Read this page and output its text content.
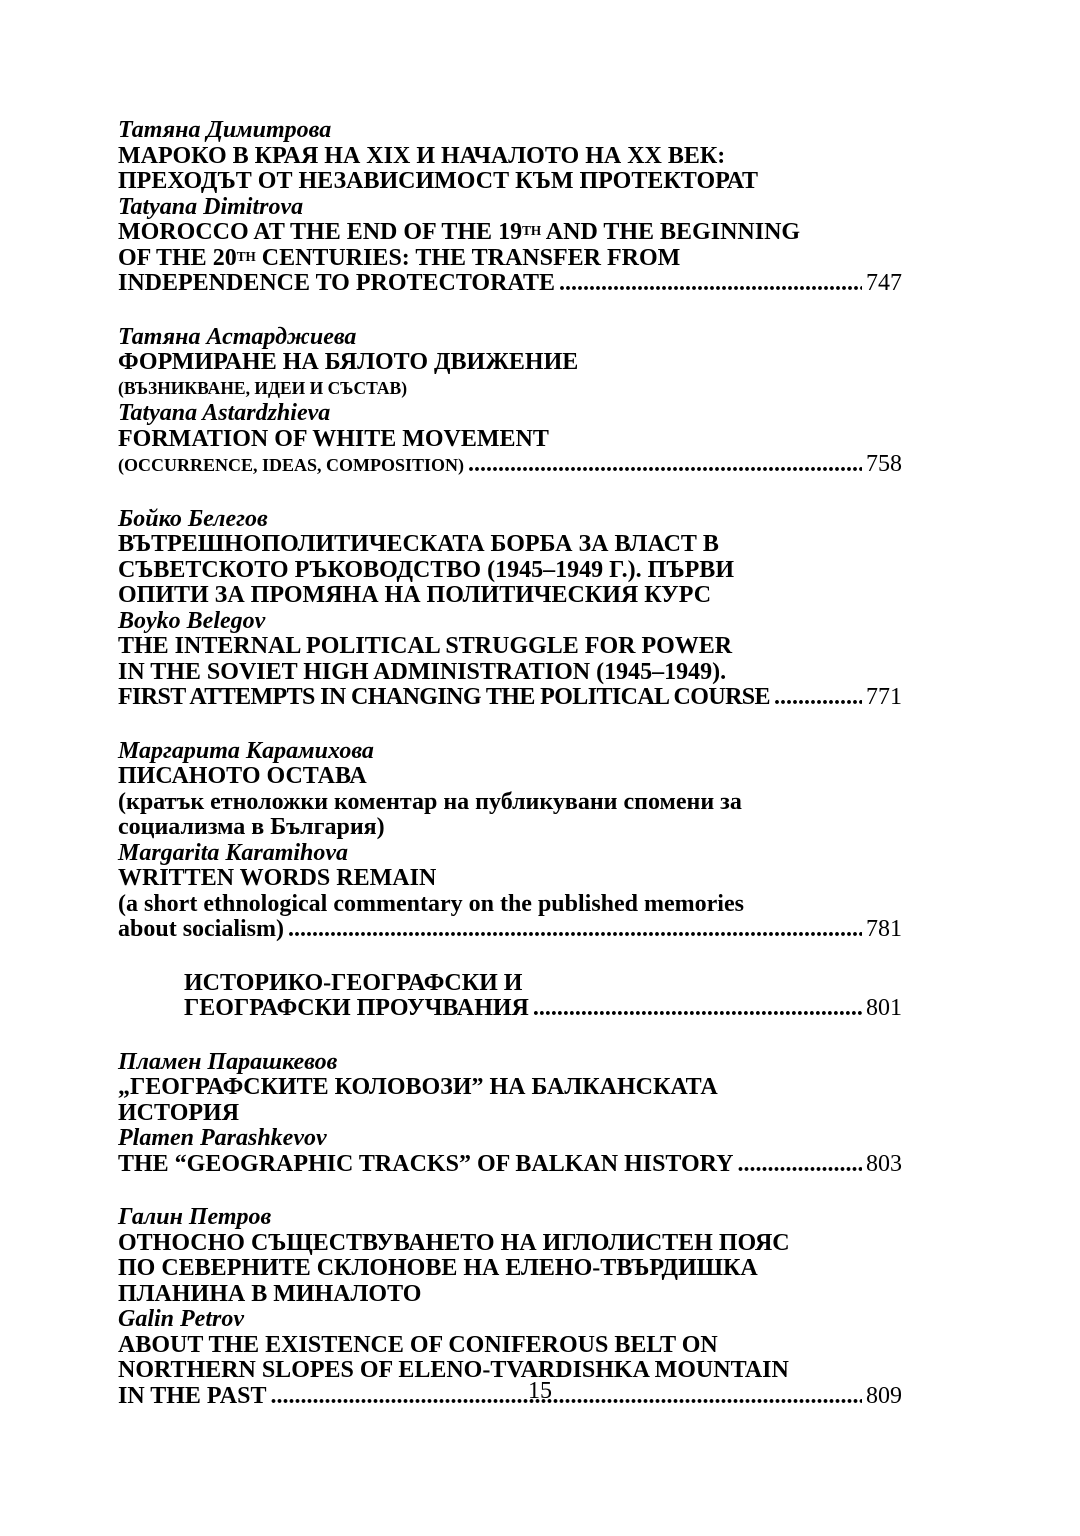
Татяна Димитрова
МАРОКО В КРАЯ НА XIX И НАЧАЛОТО НА XX ВЕК:
ПРЕХОДЪТ ОТ НЕЗАВИСИМОСТ КЪМ ПРОТЕКТОРАТ
Tatyana Dimitrova
MOROCCO AT THE END OF THE 19TH AND THE BEGINNING
OF THE 20TH CENTURIES: THE TRANSFER FROM
INDEPENDENCE TO PROTECTORATE .....	747
Татяна Астарджиева
ФОРМИРАНЕ НА БЯЛОТО ДВИЖЕНИЕ
(ВЪЗНИКВАНЕ, ИДЕИ И СЪСТАВ)
Tatyana Astardzhieva
FORMATION OF WHITE MOVEMENT
(OCCURRENCE, IDEAS, COMPOSITION) .....	758
Бойко Белегов
ВЪТРЕШНОПОЛИТИЧЕСКАТА БОРБА ЗА ВЛАСТ В
СЪВЕТСКОТО РЪКОВОДСТВО (1945–1949 Г.). ПЪРВИ
ОПИТИ ЗА ПРОМЯНА НА ПОЛИТИЧЕСКИЯ КУРС
Boyko Belegov
THE INTERNAL POLITICAL STRUGGLE FOR POWER
IN THE SOVIET HIGH ADMINISTRATION (1945–1949).
FIRST ATTEMPTS IN CHANGING THE POLITICAL COURSE .....	771
Маргарита Карамихова
ПИСАНОТО ОСТАВА
(кратък етноложки коментар на публикувани спомени за
социализма в България)
Margarita Karamihova
WRITTEN WORDS REMAIN
(a short ethnological commentary on the published memories
about socialism) .....	781
ИСТОРИКО-ГЕОГРАФСКИ И
ГЕОГРАФСКИ ПРОУЧВАНИЯ .....	801
Пламен Парашкевов
„ГЕОГРАФСКИТЕ КОЛОВОЗИ” НА БАЛКАНСКАТА
ИСТОРИЯ
Plamen Parashkevov
THE “GEOGRAPHIC TRACKS” OF BALKAN HISTORY .....	803
Галин Петров
ОТНОСНО СЪЩЕСТВУВАНЕТО НА ИГЛОЛИСТЕН ПОЯС
ПО СЕВЕРНИТЕ СКЛОНОВЕ НА ЕЛЕНО-ТВЪРДИШКА
ПЛАНИНА В МИНАЛОТО
Galin Petrov
ABOUT THE EXISTENCE OF CONIFEROUS BELT ON
NORTHERN SLOPES OF ELENO-TVARDISHKA MOUNTAIN
IN THE PAST .....	809
15
